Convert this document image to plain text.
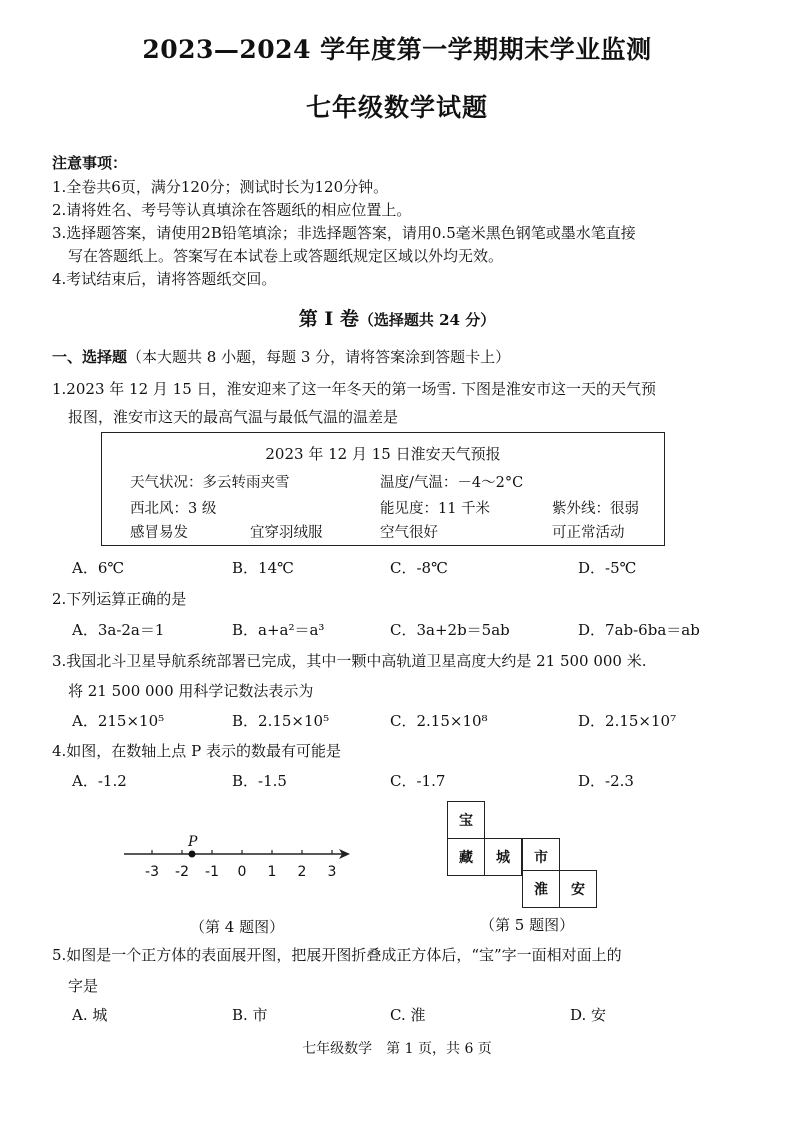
2023—2024 学年度第一学期期末学业监测
七年级数学试题
注意事项：
1.全卷共6页，满分120分；测试时长为120分钟。
2.请将姓名、考号等认真填涂在答题纸的相应位置上。
3.选择题答案，请使用2B铅笔填涂；非选择题答案，请用0.5毫米黑色钢笔或墨水笔直接
写在答题纸上。答案写在本试卷上或答题纸规定区域以外均无效。
4.考试结束后，请将答题纸交回。
第 I 卷（选择题共 24 分）
一、选择题（本大题共 8 小题，每题 3 分，请将答案涂到答题卡上）
1.2023 年 12 月 15 日，淮安迎来了这一年冬天的第一场雪. 下图是淮安市这一天的天气预
报图，淮安市这天的最高气温与最低气温的温差是
2023 年 12 月 15 日淮安天气预报
天气状况：多云转雨夹雪	温度/气温：－4～2°C
西北风：3 级	能见度：11 千米	紫外线：很弱
感冒易发	宜穿羽绒服	空气很好	可正常活动
A．6℃	B．14℃	C．-8℃	D．-5℃
2.下列运算正确的是
A．3a-2a＝1	B．a+a²＝a³	C．3a+2b＝5ab	D．7ab-6ba＝ab
3.我国北斗卫星导航系统部署已完成，其中一颗中高轨道卫星高度大约是 21 500 000 米.
将 21 500 000 用科学记数法表示为
A．215×10⁵	B．2.15×10⁵	C．2.15×10⁸	D．2.15×10⁷
4.如图，在数轴上点 P 表示的数最有可能是
A．-1.2	B．-1.5	C．-1.7	D．-2.3
-3 -2 -1 0 1 2 3
P
（第 4 题图）
宝
藏	城	市
淮	安
（第 5 题图）
5.如图是一个正方体的表面展开图，把展开图折叠成正方体后，“宝”字一面相对面上的
字是
A. 城	B. 市	C. 淮	D. 安
七年级数学　第 1 页，共 6 页
